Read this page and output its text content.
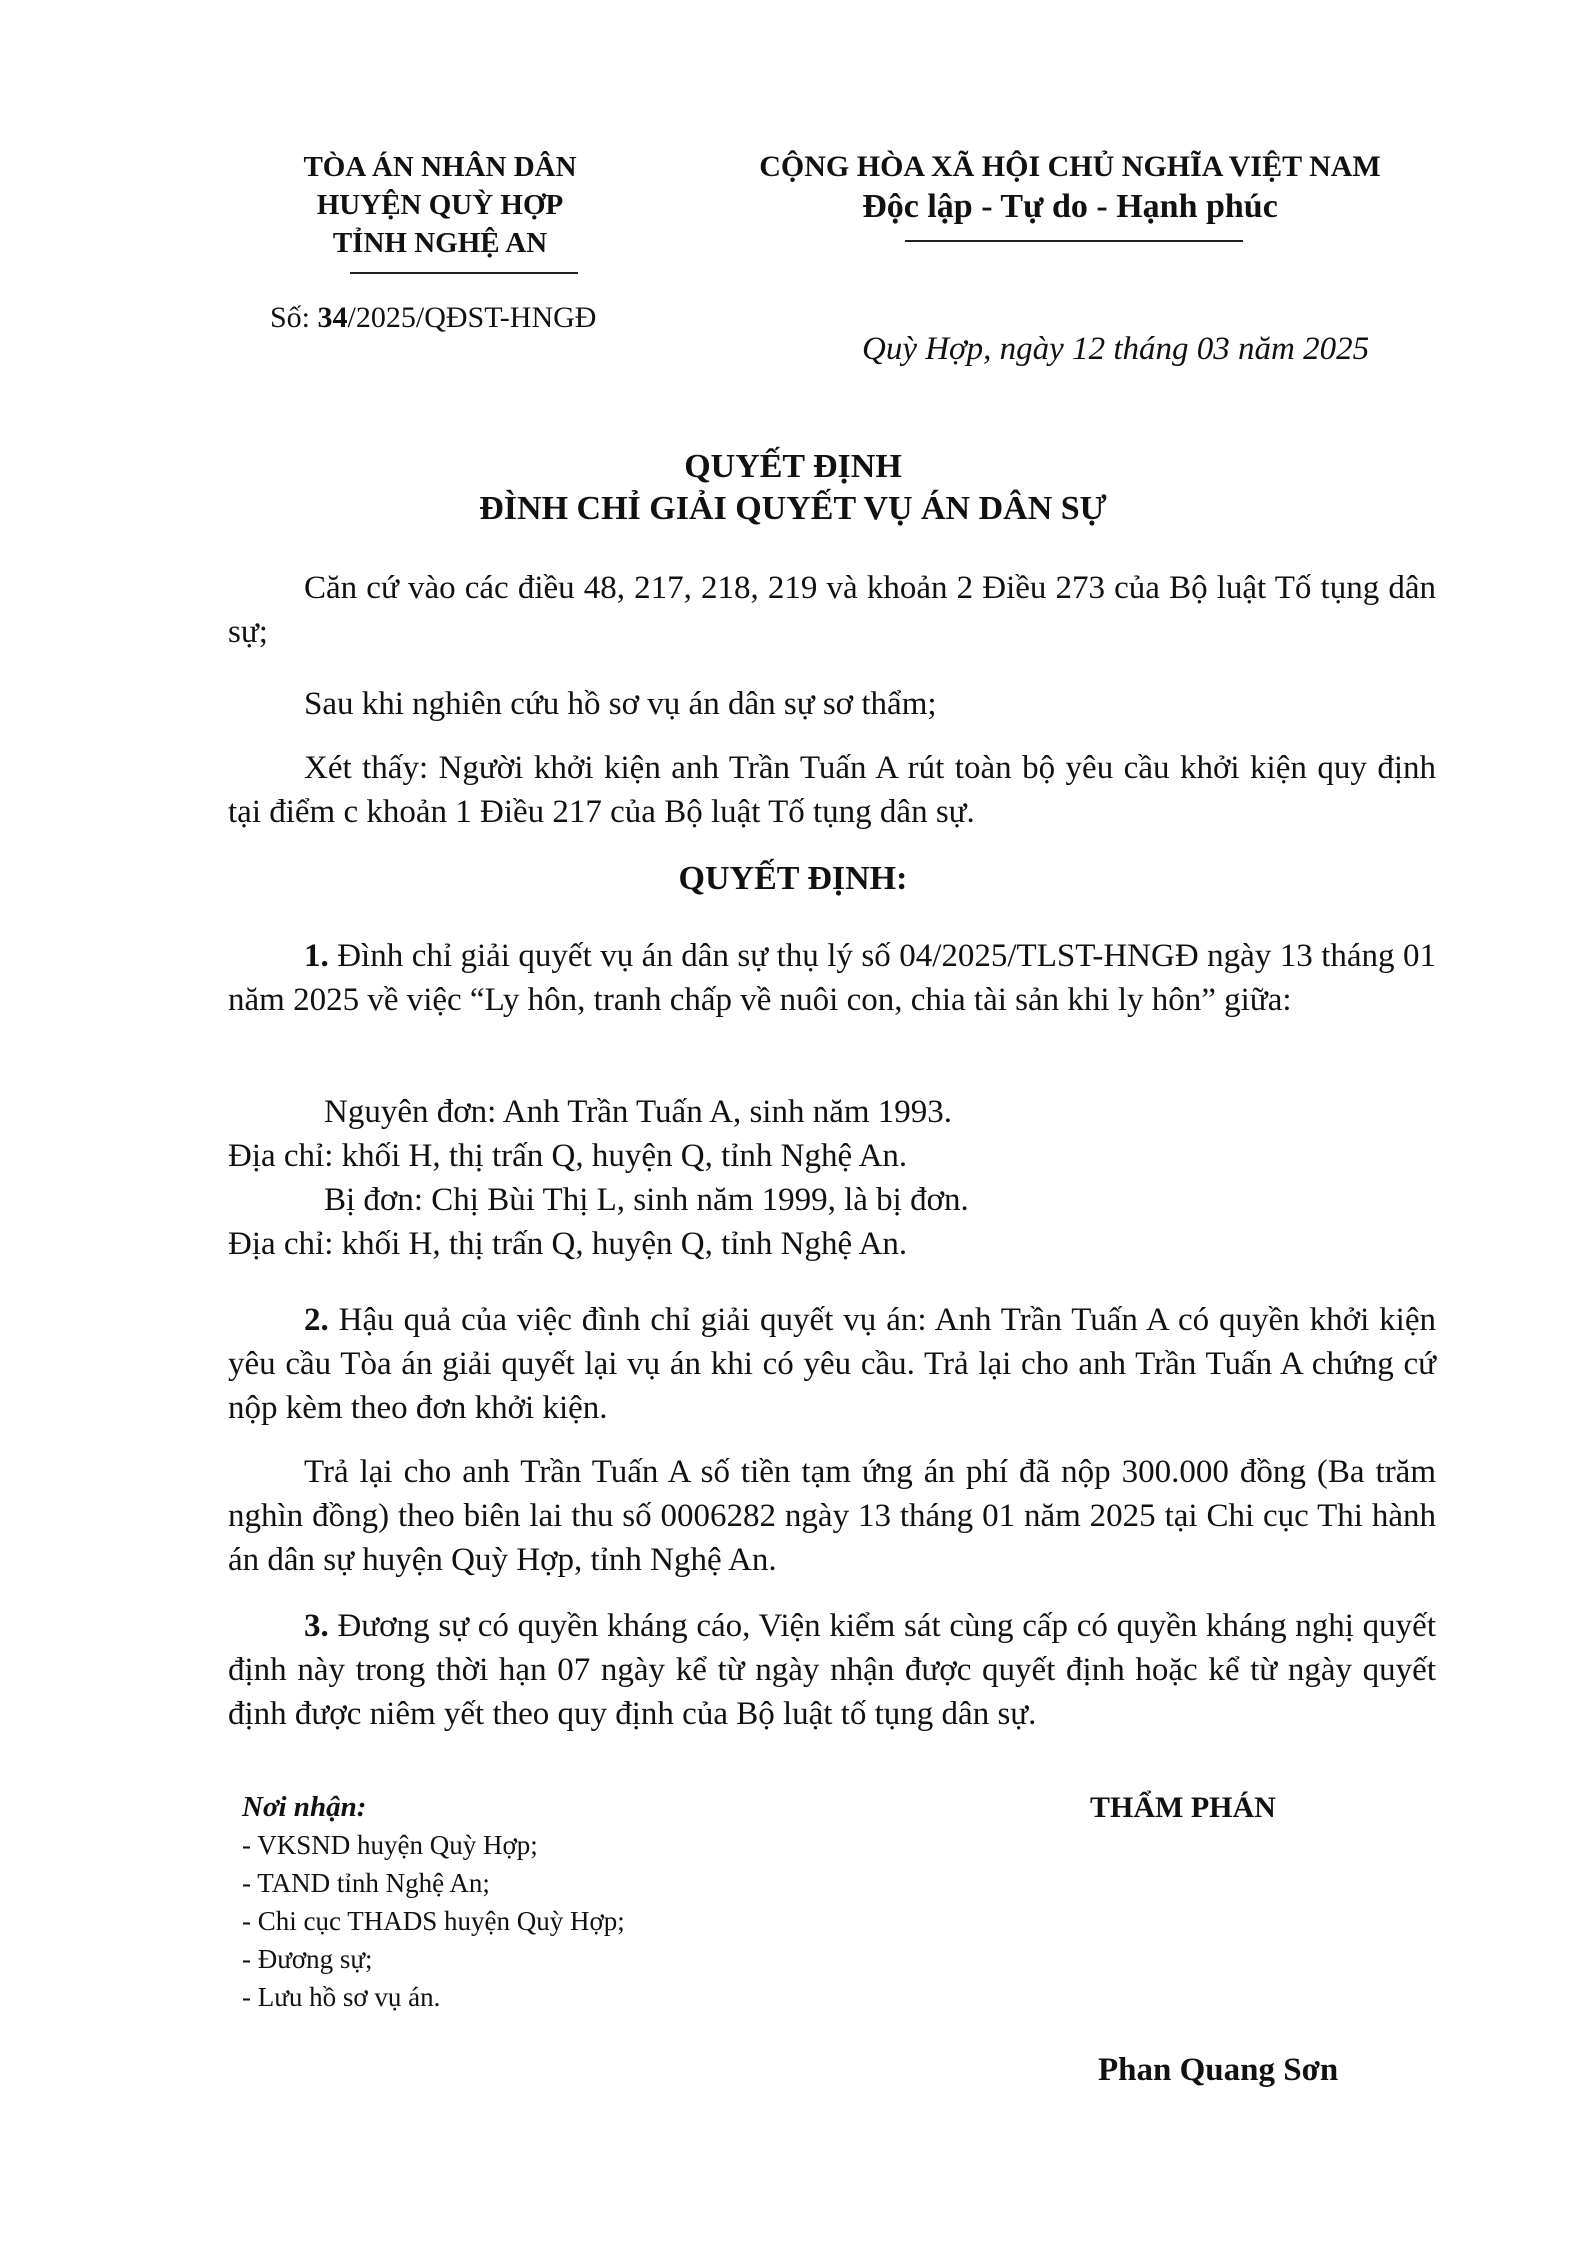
TÒA ÁN NHÂN DÂN
HUYỆN QUỲ HỢP
TỈNH NGHỆ AN
CỘNG HÒA XÃ HỘI CHỦ NGHĨA VIỆT NAM
Độc lập - Tự do - Hạnh phúc
Số: 34/2025/QĐST-HNGĐ
Quỳ Hợp, ngày 12 tháng 03 năm 2025
QUYẾT ĐỊNH
ĐÌNH CHỈ GIẢI QUYẾT VỤ ÁN DÂN SỰ

Căn cứ vào các điều 48, 217, 218, 219 và khoản 2 Điều 273 của Bộ luật Tố tụng dân sự;

Sau khi nghiên cứu hồ sơ vụ án dân sự sơ thẩm;

Xét thấy: Người khởi kiện anh Trần Tuấn A rút toàn bộ yêu cầu khởi kiện quy định tại điểm c khoản 1 Điều 217 của Bộ luật Tố tụng dân sự.

QUYẾT ĐỊNH:

1. Đình chỉ giải quyết vụ án dân sự thụ lý số 04/2025/TLST-HNGĐ ngày 13 tháng 01 năm 2025 về việc “Ly hôn, tranh chấp về nuôi con, chia tài sản khi ly hôn” giữa:

Nguyên đơn: Anh Trần Tuấn A, sinh năm 1993.

Địa chỉ: khối H, thị trấn Q, huyện Q, tỉnh Nghệ An.

Bị đơn: Chị Bùi Thị L, sinh năm 1999, là bị đơn.

Địa chỉ: khối H, thị trấn Q, huyện Q, tỉnh Nghệ An.

2. Hậu quả của việc đình chỉ giải quyết vụ án: Anh Trần Tuấn A có quyền khởi kiện yêu cầu Tòa án giải quyết lại vụ án khi có yêu cầu. Trả lại cho anh Trần Tuấn A chứng cứ nộp kèm theo đơn khởi kiện.

Trả lại cho anh Trần Tuấn A số tiền tạm ứng án phí đã nộp 300.000 đồng (Ba trăm nghìn đồng) theo biên lai thu số 0006282 ngày 13 tháng 01 năm 2025 tại Chi cục Thi hành án dân sự huyện Quỳ Hợp, tỉnh Nghệ An.

3. Đương sự có quyền kháng cáo, Viện kiểm sát cùng cấp có quyền kháng nghị quyết định này trong thời hạn 07 ngày kể từ ngày nhận được quyết định hoặc kể từ ngày quyết định được niêm yết theo quy định của Bộ luật tố tụng dân sự.

Nơi nhận:
- VKSND huyện Quỳ Hợp;
- TAND tỉnh Nghệ An;
- Chi cục THADS huyện Quỳ Hợp;
- Đương sự;
- Lưu hồ sơ vụ án.
THẨM PHÁN
Phan Quang Sơn
